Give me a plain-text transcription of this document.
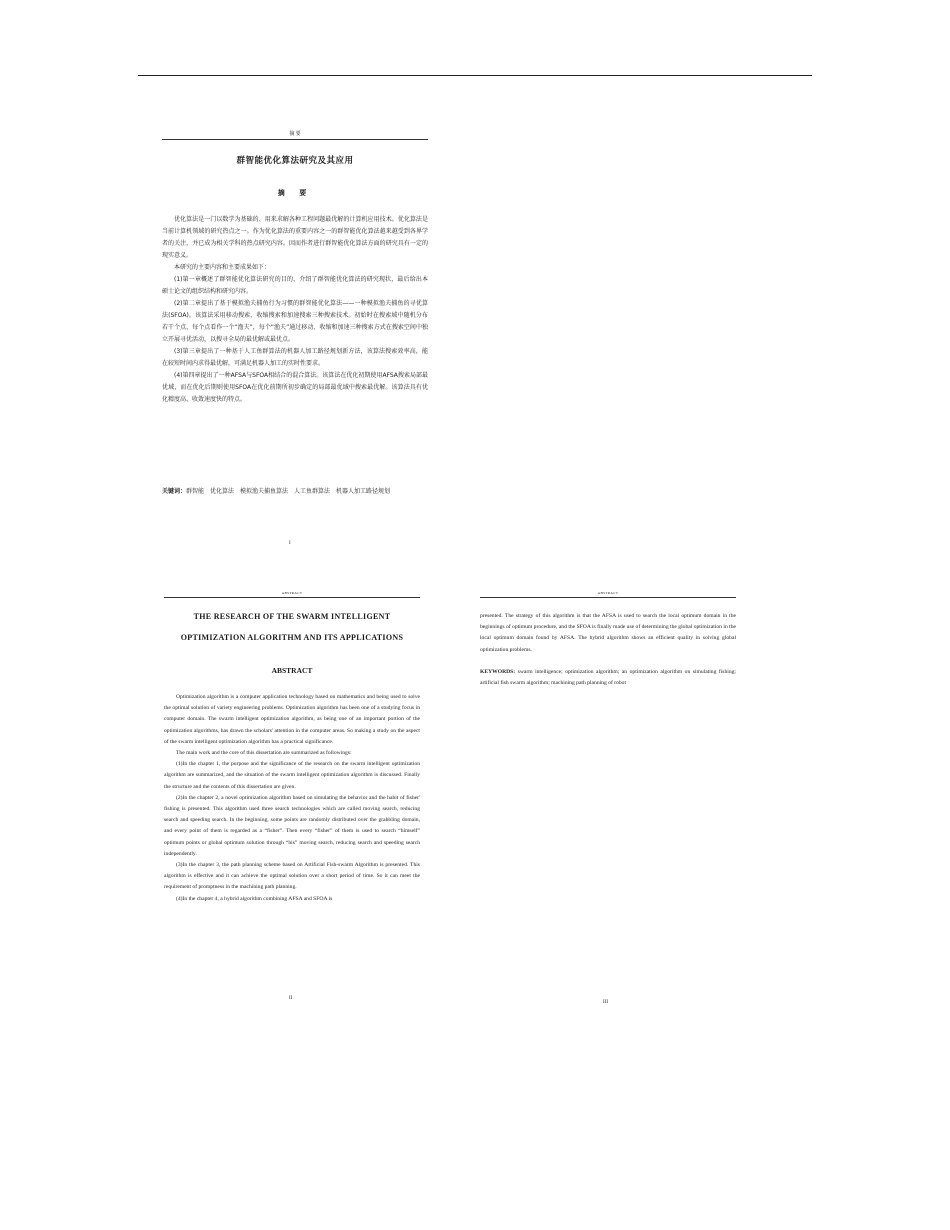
摘 要
群智能优化算法研究及其应用
摘 要

优化算法是一门以数学为基础的、用来求解各种工程问题最优解的计算机应用技术。优化算法是当前计算机领域的研究热点之一。作为优化算法的重要内容之一的群智能优化算法越来越受到各界学者的关注，并已成为相关学科的热点研究内容。因而作者进行群智能优化算法方面的研究具有一定的现实意义。

本研究的主要内容和主要成果如下：

(1)第一章概述了群智能优化算法研究的目的，介绍了群智能优化算法的研究现状，最后给出本硕士论文的组织结构和研究内容。

(2)第二章提出了基于模拟渔夫捕鱼行为习惯的群智能优化算法——一种模拟渔夫捕鱼的寻优算法(SFOA)。该算法采用移动搜索、收缩搜索和加速搜索三种搜索技术。初始时在搜索域中随机分布若干个点，每个点看作一个“渔夫”，每个“渔夫”通过移动、收缩和加速三种搜索方式在搜索空间中独立开展寻优活动，以搜寻全局的最优解或最优点。

(3)第三章提出了一种基于人工鱼群算法的机器人加工路径规划新方法，该算法搜索效率高，能在较短时间内求得最优解，可满足机器人加工的实时性要求。

(4)第四章提出了一种AFSA与SFOA相结合的混合算法。该算法在优化初期使用AFSA搜索局部最优域，而在优化后期则使用SFOA在优化前期所初步确定的局部最优域中搜索最优解。该算法具有优化精度高、收敛速度快的特点。

关键词：群智能　优化算法　模拟渔夫捕鱼算法　人工鱼群算法　机器人加工路径规划
I
ABSTRACT
THE RESEARCH OF THE SWARM INTELLIGENT
OPTIMIZATION ALGORITHM AND ITS APPLICATIONS
ABSTRACT

Optimization algorithm is a computer application technology based on mathematics and being used to solve the optimal solution of variety engineering problems. Optimization algorithm has been one of a studying focus in computer domain. The swarm intelligent optimization algorithm, as being one of an important portion of the optimization algorithms, has drawn the scholars' attention in the computer areas. So making a study on the aspect of the swarm intelligent optimization algorithm has a practical significance.

The main work and the core of this dissertation are summarized as followings:

(1)In the chapter 1, the purpose and the significance of the research on the swarm intelligent optimization algorithm are summarized, and the situation of the swarm intelligent optimization algorithm is discussed. Finally the structure and the contents of this dissertation are given.

(2)In the chapter 2, a novel optimization algorithm based on simulating the behavior and the habit of fisher' fishing is presented. This algorithm used three search technologies which are called moving search, reducing search and speeding search. In the beginning, some points are randomly distributed over the grabbling domain, and every point of them is regarded as a “fisher”. Then every “fisher” of them is used to search “himself” optimum points or global optimum solution through “his” moving search, reducing search and speeding search independently.

(3)In the chapter 3, the path planning scheme based on Artificial Fish-swarm Algorithm is presented. This algorithm is effective and it can achieve the optimal solution over a short period of time. So it can meet the requirement of promptness in the machining path planning.

(4)In the chapter 4, a hybrid algorithm combining AFSA and SFOA is

II
ABSTRACT

presented. The strategy of this algorithm is that the AFSA is used to search the local optimum domain in the beginnings of optimum procedure, and the SFOA is finally made use of determining the global optimization in the local optimum domain found by AFSA. The hybrid algorithm shows an efficient quality in solving global optimization problems.

KEYWORDS: swarm intelligence; optimization algorithm; an optimization algorithm on simulating fishing; artificial fish swarm algorithm; machining path planning of robot
III
